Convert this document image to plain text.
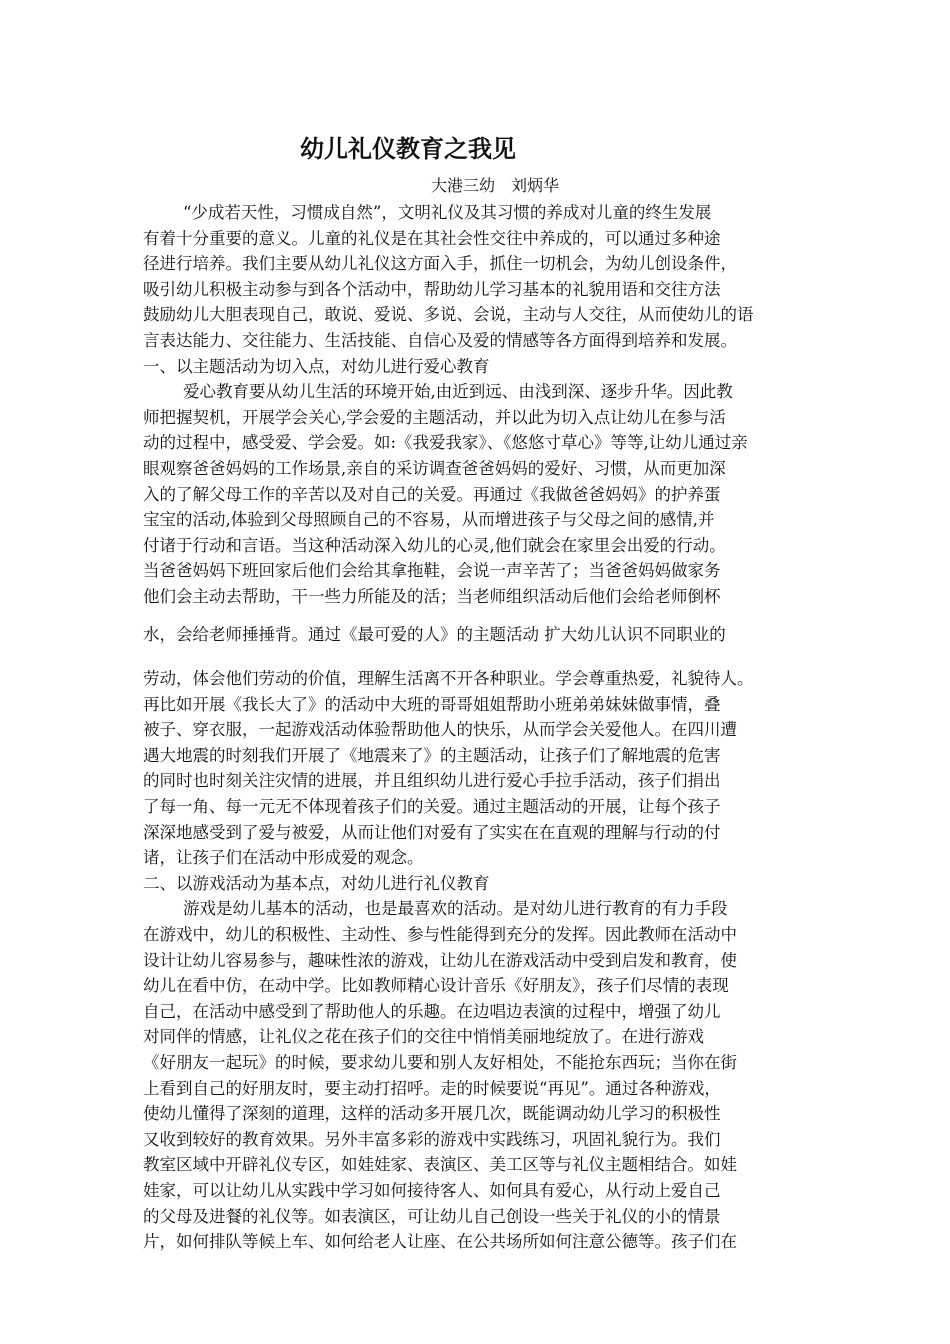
幼儿礼仪教育之我见
大港三幼　刘炳华
“少成若天性，习惯成自然”，文明礼仪及其习惯的养成对儿童的终生发展
有着十分重要的意义。儿童的礼仪是在其社会性交往中养成的，可以通过多种途
径进行培养。我们主要从幼儿礼仪这方面入手，抓住一切机会，为幼儿创设条件，
吸引幼儿积极主动参与到各个活动中，帮助幼儿学习基本的礼貌用语和交往方法
鼓励幼儿大胆表现自己，敢说、爱说、多说、会说，主动与人交往，从而使幼儿的语
言表达能力、交往能力、生活技能、自信心及爱的情感等各方面得到培养和发展。
一、以主题活动为切入点，对幼儿进行爱心教育
爱心教育要从幼儿生活的环境开始,由近到远、由浅到深、逐步升华。因此教
师把握契机，开展学会关心,学会爱的主题活动，并以此为切入点让幼儿在参与活
动的过程中，感受爱、学会爱。如:《我爱我家》、《悠悠寸草心》等等,让幼儿通过亲
眼观察爸爸妈妈的工作场景,亲自的采访调查爸爸妈妈的爱好、习惯，从而更加深
入的了解父母工作的辛苦以及对自己的关爱。再通过《我做爸爸妈妈》的护养蛋
宝宝的活动,体验到父母照顾自己的不容易，从而增进孩子与父母之间的感情,并
付诸于行动和言语。当这种活动深入幼儿的心灵,他们就会在家里会出爱的行动。
当爸爸妈妈下班回家后他们会给其拿拖鞋，会说一声辛苦了；当爸爸妈妈做家务
他们会主动去帮助，干一些力所能及的活；当老师组织活动后他们会给老师倒杯
水，会给老师捶捶背。通过《最可爱的人》的主题活动 扩大幼儿认识不同职业的
劳动，体会他们劳动的价值，理解生活离不开各种职业。学会尊重热爱，礼貌待人。
再比如开展《我长大了》的活动中大班的哥哥姐姐帮助小班弟弟妹妹做事情，叠
被子、穿衣服，一起游戏活动体验帮助他人的快乐，从而学会关爱他人。在四川遭
遇大地震的时刻我们开展了《地震来了》的主题活动，让孩子们了解地震的危害
的同时也时刻关注灾情的进展，并且组织幼儿进行爱心手拉手活动，孩子们捐出
了每一角、每一元无不体现着孩子们的关爱。通过主题活动的开展，让每个孩子
深深地感受到了爱与被爱，从而让他们对爱有了实实在在直观的理解与行动的付
诸，让孩子们在活动中形成爱的观念。
二、以游戏活动为基本点，对幼儿进行礼仪教育
游戏是幼儿基本的活动，也是最喜欢的活动。是对幼儿进行教育的有力手段
在游戏中，幼儿的积极性、主动性、参与性能得到充分的发挥。因此教师在活动中
设计让幼儿容易参与，趣味性浓的游戏，让幼儿在游戏活动中受到启发和教育，使
幼儿在看中仿，在动中学。比如教师精心设计音乐《好朋友》，孩子们尽情的表现
自己，在活动中感受到了帮助他人的乐趣。在边唱边表演的过程中，增强了幼儿
对同伴的情感，让礼仪之花在孩子们的交往中悄悄美丽地绽放了。在进行游戏
《好朋友一起玩》的时候，要求幼儿要和别人友好相处，不能抢东西玩；当你在街
上看到自己的好朋友时，要主动打招呼。走的时候要说“再见”。通过各种游戏，
使幼儿懂得了深刻的道理，这样的活动多开展几次，既能调动幼儿学习的积极性
又收到较好的教育效果。另外丰富多彩的游戏中实践练习，巩固礼貌行为。我们
教室区域中开辟礼仪专区，如娃娃家、表演区、美工区等与礼仪主题相结合。如娃
娃家，可以让幼儿从实践中学习如何接待客人、如何具有爱心，从行动上爱自己
的父母及进餐的礼仪等。如表演区，可让幼儿自己创设一些关于礼仪的小的情景
片，如何排队等候上车、如何给老人让座、在公共场所如何注意公德等。孩子们在
